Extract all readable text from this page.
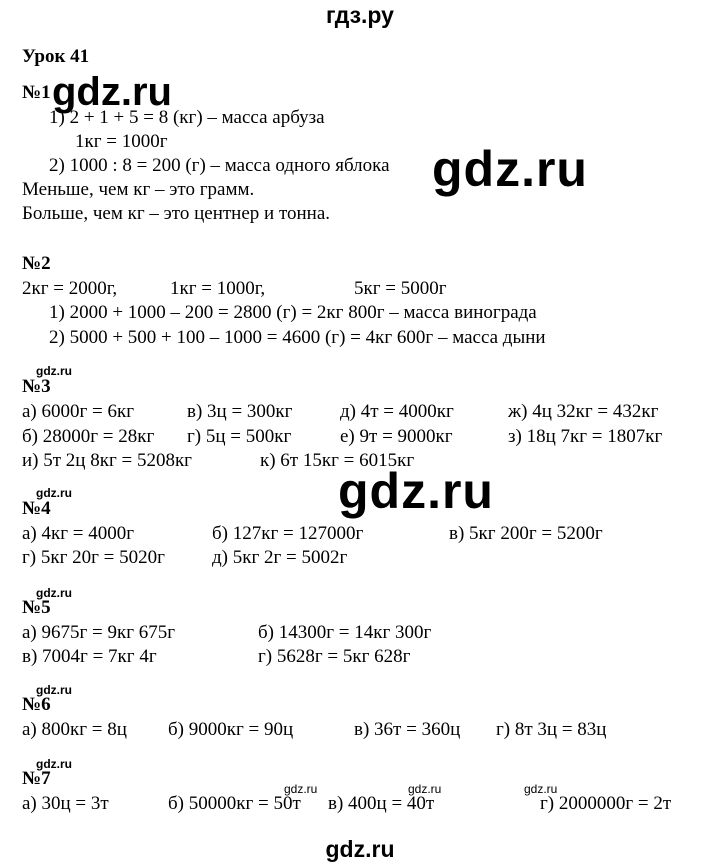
гдз.ру
Урок 41
№1
1) 2 + 1 + 5 = 8 (кг) – масса арбуза
1кг = 1000г
2) 1000 : 8 = 200 (г) – масса одного яблока
Меньше, чем кг – это грамм.
Больше, чем кг – это центнер и тонна.
№2
2кг = 2000г,	1кг = 1000г,	5кг = 5000г
1) 2000 + 1000 – 200 = 2800 (г) = 2кг 800г – масса винограда
2) 5000 + 500 + 100 – 1000 = 4600 (г) = 4кг 600г – масса дыни
№3
а) 6000г = 6кг	в) 3ц = 300кг	д) 4т = 4000кг	ж) 4ц 32кг = 432кг
б) 28000г = 28кг г) 5ц = 500кг	е) 9т = 9000кг	з) 18ц 7кг = 1807кг
и) 5т 2ц 8кг = 5208кг	к) 6т 15кг = 6015кг
№4
а) 4кг = 4000г	б) 127кг = 127000г	в) 5кг 200г = 5200г
г) 5кг 20г = 5020г д) 5кг 2г = 5002г
№5
а) 9675г = 9кг 675г	б) 14300г = 14кг 300г
в) 7004г = 7кг 4г	г) 5628г = 5кг 628г
№6
а) 800кг = 8ц б) 9000кг = 90ц	в) 36т = 360ц г) 8т 3ц = 83ц
№7
а) 30ц = 3т	б) 50000кг = 50т в) 400ц = 40т	г) 2000000г = 2т
gdz.ru
gdz.ru
gdz.ru
gdz.ru
gdz.ru
gdz.ru
gdz.ru
gdz.ru
gdz.ru	gdz.ru	gdz.ru
gdz.ru
